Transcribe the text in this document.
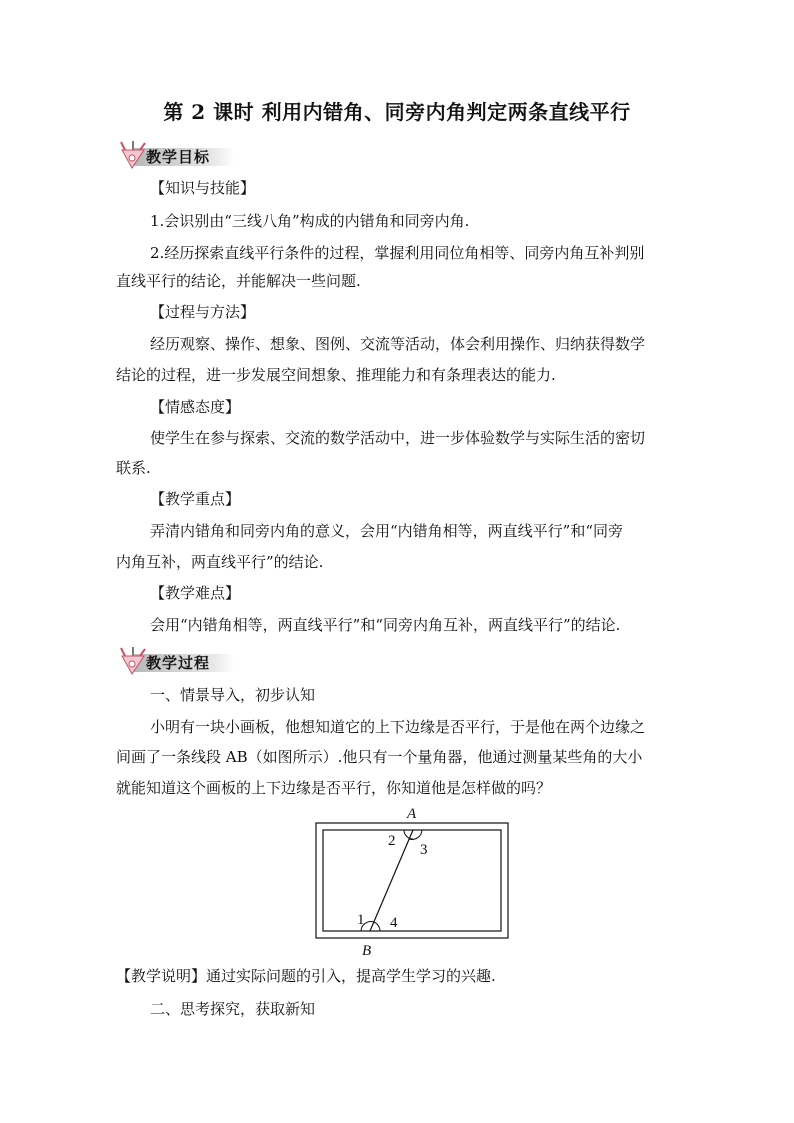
第 2 课时 利用内错角、同旁内角判定两条直线平行
教学目标
【知识与技能】
1.会识别由“三线八角”构成的内错角和同旁内角.
2.经历探索直线平行条件的过程，掌握利用同位角相等、同旁内角互补判别
直线平行的结论，并能解决一些问题.
【过程与方法】
经历观察、操作、想象、图例、交流等活动，体会利用操作、归纳获得数学
结论的过程，进一步发展空间想象、推理能力和有条理表达的能力.
【情感态度】
使学生在参与探索、交流的数学活动中，进一步体验数学与实际生活的密切
联系.
【教学重点】
弄清内错角和同旁内角的意义，会用“内错角相等，两直线平行”和“同旁
内角互补，两直线平行”的结论.
【教学难点】
会用“内错角相等，两直线平行”和“同旁内角互补，两直线平行”的结论.
教学过程
一、情景导入，初步认知
小明有一块小画板，他想知道它的上下边缘是否平行，于是他在两个边缘之
间画了一条线段 AB（如图所示）.他只有一个量角器，他通过测量某些角的大小
就能知道这个画板的上下边缘是否平行，你知道他是怎样做的吗？
A
2
3
1 4
B
【教学说明】通过实际问题的引入，提高学生学习的兴趣.
二、思考探究，获取新知
